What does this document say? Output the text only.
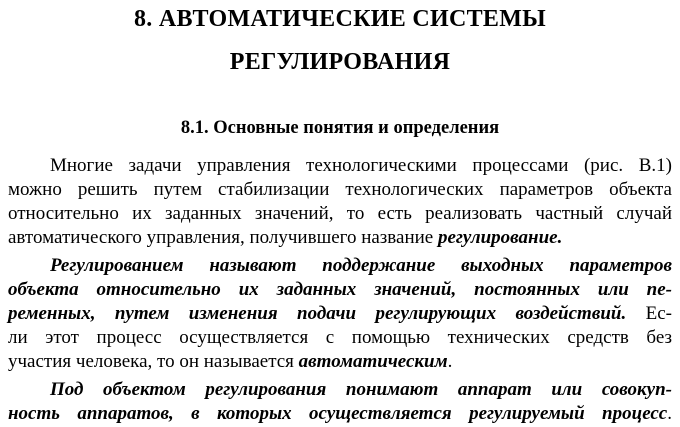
8. АВТОМАТИЧЕСКИЕ СИСТЕМЫ
РЕГУЛИРОВАНИЯ
8.1. Основные понятия и определения
Многие задачи управления технологическими процессами (рис. В.1)
можно решить путем стабилизации технологических параметров объекта
относительно их заданных значений, то есть реализовать частный случай
автоматического управления, получившего название регулирование.
Регулированием называют поддержание выходных параметров
объекта относительно их заданных значений, постоянных или пе-
ременных, путем изменения подачи регулирующих воздействий. Ес-
ли этот процесс осуществляется с помощью технических средств без
участия человека, то он называется автоматическим.
Под объектом регулирования понимают аппарат или совокуп-
ность аппаратов, в которых осуществляется регулируемый процесс.
